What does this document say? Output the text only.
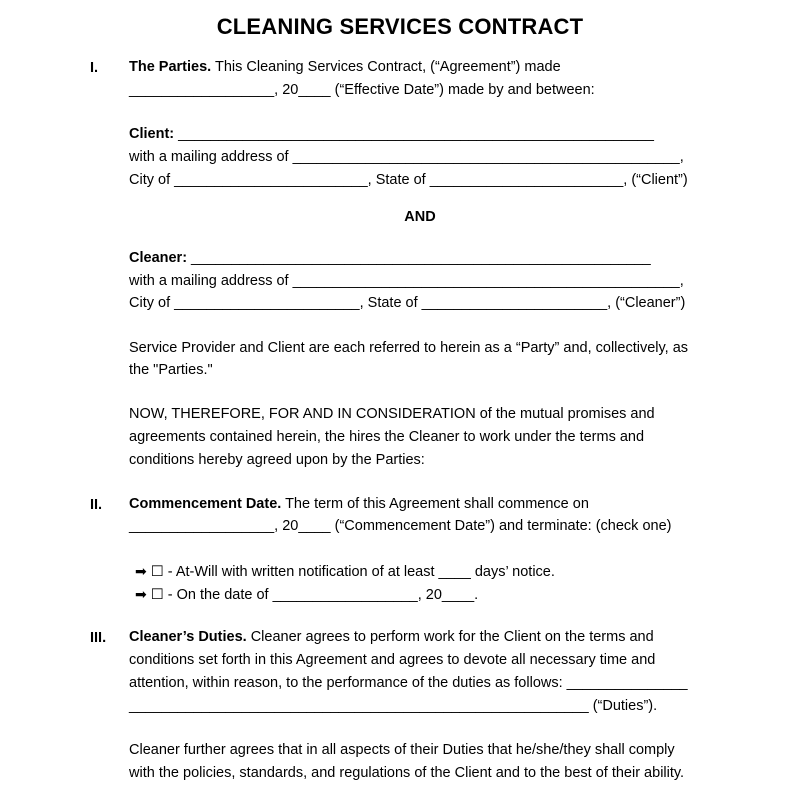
CLEANING SERVICES CONTRACT
I. The Parties. This Cleaning Services Contract, (“Agreement”) made
__________________, 20____ (“Effective Date”) made by and between:
Client: ___________________________________________________________
with a mailing address of ________________________________________________,
City of ________________________, State of ________________________, (“Client”)
AND
Cleaner: _________________________________________________________
with a mailing address of ________________________________________________,
City of _______________________, State of _______________________, (“Cleaner”)
Service Provider and Client are each referred to herein as a “Party” and, collectively, as
the "Parties."
NOW, THEREFORE, FOR AND IN CONSIDERATION of the mutual promises and
agreements contained herein, the hires the Cleaner to work under the terms and
conditions hereby agreed upon by the Parties:
II. Commencement Date. The term of this Agreement shall commence on
__________________, 20____ (“Commencement Date”) and terminate: (check one)
➡ ☐ - At-Will with written notification of at least ____ days’ notice.
➡ ☐ - On the date of __________________, 20____.
III. Cleaner’s Duties. Cleaner agrees to perform work for the Client on the terms and
conditions set forth in this Agreement and agrees to devote all necessary time and
attention, within reason, to the performance of the duties as follows: _______________
_________________________________________________________ (“Duties”).
Cleaner further agrees that in all aspects of their Duties that he/she/they shall comply
with the policies, standards, and regulations of the Client and to the best of their ability.
